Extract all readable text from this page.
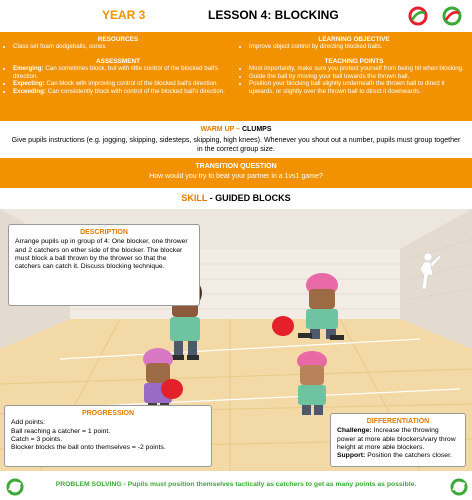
YEAR 3	LESSON 4: BLOCKING
RESOURCES
• Class set foam dodgeballs, cones
LEARNING OBJECTIVE
• Improve object control by directing blocked balls.
ASSESSMENT
• Emerging: Can sometimes block, but with little control of the blocked ball's direction.
• Expecting: Can block with improving control of the blocked ball's direction.
• Exceeding: Can consistently block with control of the blocked ball's direction.
TEACHING POINTS
• Most importantly, make sure you protect yourself from being hit when blocking.
• Guide the ball by moving your ball towards the thrown ball.
• Position your blocking ball slightly underneath the thrown ball to direct it upwards, or slightly over the thrown ball to direct it downwards.
WARM UP – CLUMPS
Give pupils instructions (e.g. jogging, skipping, sidesteps, skipping, high knees). Whenever you shout out a number, pupils must group together in the correct group size.
TRANSITION QUESTION
How would you try to beat your partner in a 1vs1 game?
SKILL - GUIDED BLOCKS
DESCRIPTION
Arrange pupils up in group of 4: One blocker, one thrower and 2 catchers on ether side of the blocker. The blocker must block a ball thrown by the thrower so that the catchers can catch it. Discuss blocking technique.
PROGRESSION
Add points:
Ball reaching a catcher = 1 point.
Catch = 3 points.
Blocker blocks the ball onto themselves = -2 points.
DIFFERENTIATION
Challenge: Increase the throwing power at more able blockers/vary throw height at more able blockers.
Support: Position the catchers closer.
PROBLEM SOLVING - Pupils must position themselves tactically as catchers to get as many points as possible.
